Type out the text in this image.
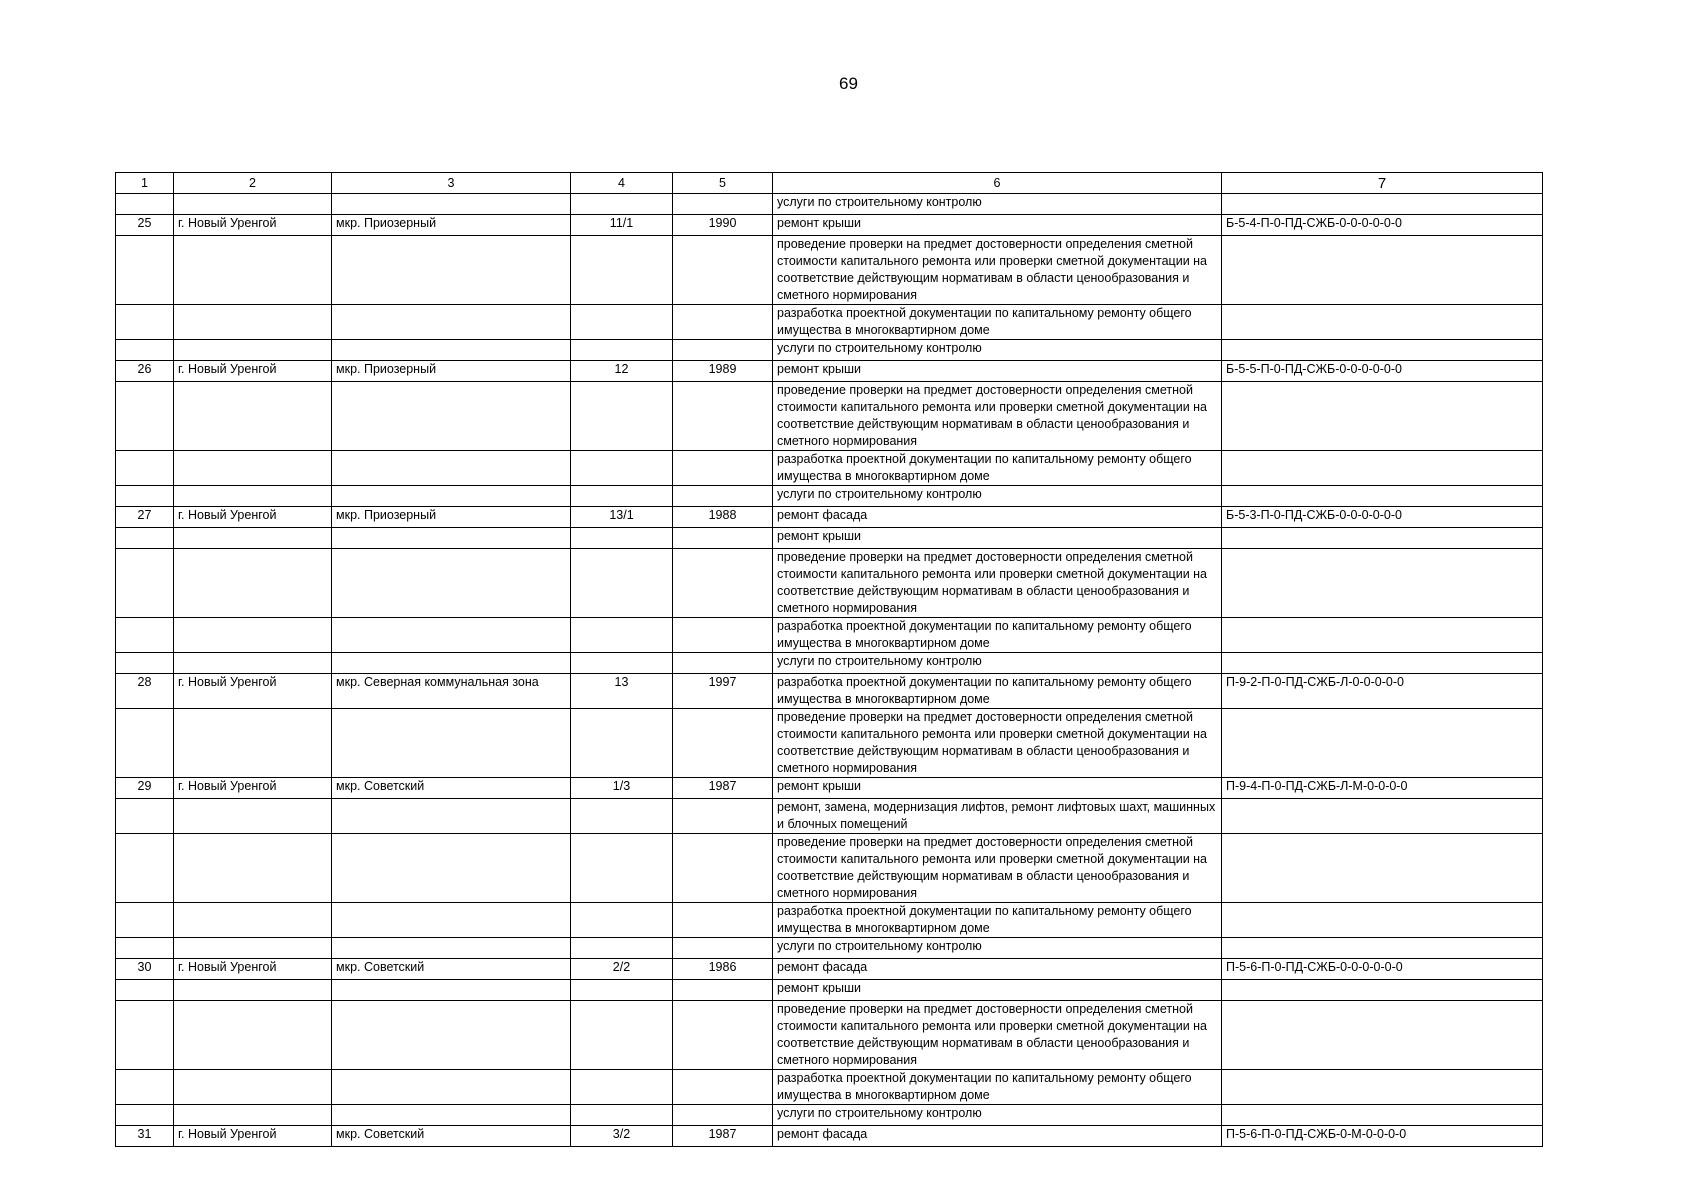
69
1	2	3	4	5	6	7
					услуги по строительному контролю	
25	г. Новый Уренгой	мкр. Приозерный	11/1	1990	ремонт крыши	Б-5-4-П-0-ПД-СЖБ-0-0-0-0-0-0
					проведение проверки на предмет достоверности определения сметной стоимости капитального ремонта или проверки сметной документации на соответствие действующим нормативам в области ценообразования и сметного нормирования	
					разработка проектной документации по капитальному ремонту общего имущества в многоквартирном доме	
					услуги по строительному контролю	
26	г. Новый Уренгой	мкр. Приозерный	12	1989	ремонт крыши	Б-5-5-П-0-ПД-СЖБ-0-0-0-0-0-0
					проведение проверки на предмет достоверности определения сметной стоимости капитального ремонта или проверки сметной документации на соответствие действующим нормативам в области ценообразования и сметного нормирования	
					разработка проектной документации по капитальному ремонту общего имущества в многоквартирном доме	
					услуги по строительному контролю	
27	г. Новый Уренгой	мкр. Приозерный	13/1	1988	ремонт фасада	Б-5-3-П-0-ПД-СЖБ-0-0-0-0-0-0
					ремонт крыши	
					проведение проверки на предмет достоверности определения сметной стоимости капитального ремонта или проверки сметной документации на соответствие действующим нормативам в области ценообразования и сметного нормирования	
					разработка проектной документации по капитальному ремонту общего имущества в многоквартирном доме	
					услуги по строительному контролю	
28	г. Новый Уренгой	мкр. Северная коммунальная зона	13	1997	разработка проектной документации по капитальному ремонту общего имущества в многоквартирном доме	П-9-2-П-0-ПД-СЖБ-Л-0-0-0-0-0
					проведение проверки на предмет достоверности определения сметной стоимости капитального ремонта или проверки сметной документации на соответствие действующим нормативам в области ценообразования и сметного нормирования	
29	г. Новый Уренгой	мкр. Советский	1/3	1987	ремонт крыши	П-9-4-П-0-ПД-СЖБ-Л-М-0-0-0-0
					ремонт, замена, модернизация лифтов, ремонт лифтовых шахт, машинных и блочных помещений	
					проведение проверки на предмет достоверности определения сметной стоимости капитального ремонта или проверки сметной документации на соответствие действующим нормативам в области ценообразования и сметного нормирования	
					разработка проектной документации по капитальному ремонту общего имущества в многоквартирном доме	
					услуги по строительному контролю	
30	г. Новый Уренгой	мкр. Советский	2/2	1986	ремонт фасада	П-5-6-П-0-ПД-СЖБ-0-0-0-0-0-0
					ремонт крыши	
					проведение проверки на предмет достоверности определения сметной стоимости капитального ремонта или проверки сметной документации на соответствие действующим нормативам в области ценообразования и сметного нормирования	
					разработка проектной документации по капитальному ремонту общего имущества в многоквартирном доме	
					услуги по строительному контролю	
31	г. Новый Уренгой	мкр. Советский	3/2	1987	ремонт фасада	П-5-6-П-0-ПД-СЖБ-0-М-0-0-0-0
